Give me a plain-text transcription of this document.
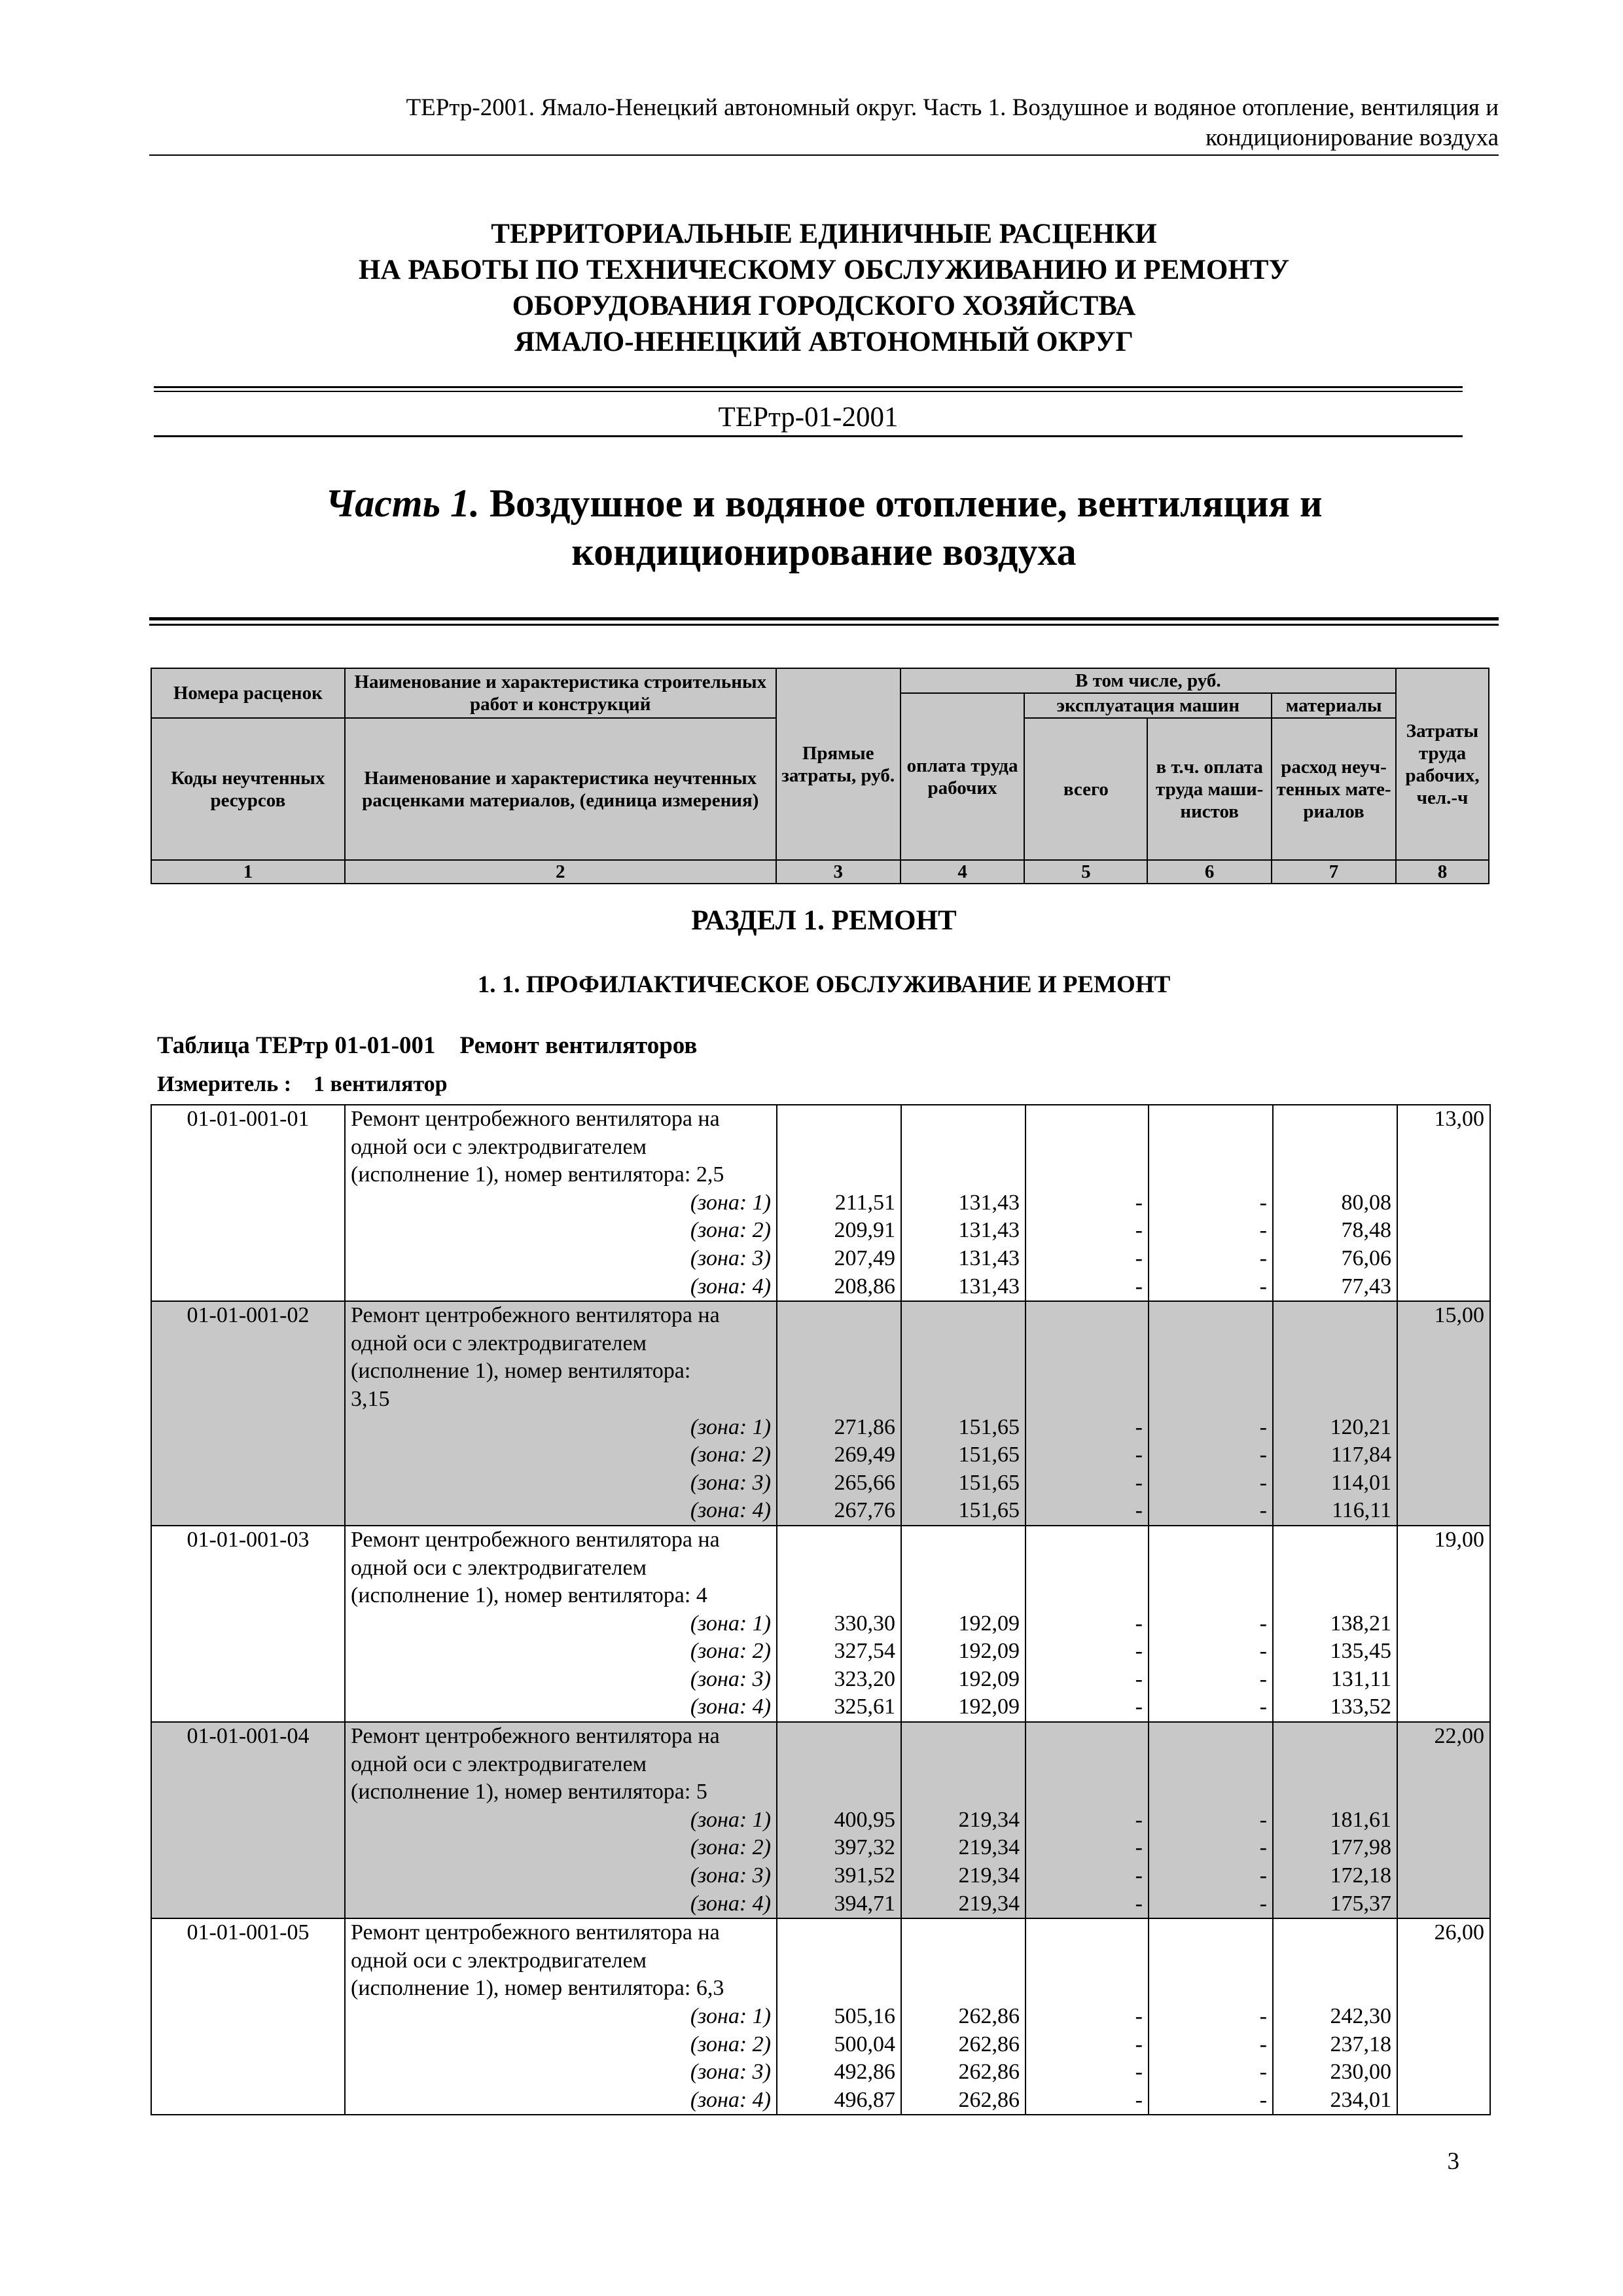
ТЕРтр-2001. Ямало-Ненецкий автономный округ. Часть 1. Воздушное и водяное отопление, вентиляция и
кондиционирование воздуха
ТЕРРИТОРИАЛЬНЫЕ ЕДИНИЧНЫЕ РАСЦЕНКИ
НА РАБОТЫ ПО ТЕХНИЧЕСКОМУ ОБСЛУЖИВАНИЮ И РЕМОНТУ
ОБОРУДОВАНИЯ ГОРОДСКОГО ХОЗЯЙСТВА
ЯМАЛО-НЕНЕЦКИЙ АВТОНОМНЫЙ ОКРУГ
ТЕРтр-01-2001
Часть 1. Воздушное и водяное отопление, вентиляция и
кондиционирование воздуха
Номера расценок	Наименование и характеристика строительных работ и конструкций	Прямые затраты, руб.	В том числе, руб.				Затраты труда рабочих, чел.-ч
			оплата труда рабочих	эксплуатация машин		материалы	
Коды неучтенных ресурсов	Наименование и характеристика неучтенных расценками материалов, (единица измерения)			всего	в т.ч. оплата труда маши- нистов	расход неуч- тенных мате- риалов	

1	2	3	4	5	6	7	8
РАЗДЕЛ 1. РЕМОНТ
1. 1. ПРОФИЛАКТИЧЕСКОЕ ОБСЛУЖИВАНИЕ И РЕМОНТ
Таблица ТЕРтр 01-01-001 Ремонт вентиляторов
Измеритель : 1 вентилятор
01-01-001-01	Ремонт центробежного вентилятора на						13,00
	одной оси с электродвигателем						
	(исполнение 1), номер вентилятора: 2,5						
	(зона: 1)	211,51	131,43	-	-	80,08	
	(зона: 2)	209,91	131,43	-	-	78,48	
	(зона: 3)	207,49	131,43	-	-	76,06	
	(зона: 4)	208,86	131,43	-	-	77,43	
01-01-001-02	Ремонт центробежного вентилятора на						15,00
	одной оси с электродвигателем						
	(исполнение 1), номер вентилятора:						
	3,15						
	(зона: 1)	271,86	151,65	-	-	120,21	
	(зона: 2)	269,49	151,65	-	-	117,84	
	(зона: 3)	265,66	151,65	-	-	114,01	
	(зона: 4)	267,76	151,65	-	-	116,11	
01-01-001-03	Ремонт центробежного вентилятора на						19,00
	одной оси с электродвигателем						
	(исполнение 1), номер вентилятора: 4						
	(зона: 1)	330,30	192,09	-	-	138,21	
	(зона: 2)	327,54	192,09	-	-	135,45	
	(зона: 3)	323,20	192,09	-	-	131,11	
	(зона: 4)	325,61	192,09	-	-	133,52	
01-01-001-04	Ремонт центробежного вентилятора на						22,00
	одной оси с электродвигателем						
	(исполнение 1), номер вентилятора: 5						
	(зона: 1)	400,95	219,34	-	-	181,61	
	(зона: 2)	397,32	219,34	-	-	177,98	
	(зона: 3)	391,52	219,34	-	-	172,18	
	(зона: 4)	394,71	219,34	-	-	175,37	
01-01-001-05	Ремонт центробежного вентилятора на						26,00
	одной оси с электродвигателем						
	(исполнение 1), номер вентилятора: 6,3						
	(зона: 1)	505,16	262,86	-	-	242,30	
	(зона: 2)	500,04	262,86	-	-	237,18	
	(зона: 3)	492,86	262,86	-	-	230,00	
	(зона: 4)	496,87	262,86	-	-	234,01	
3
